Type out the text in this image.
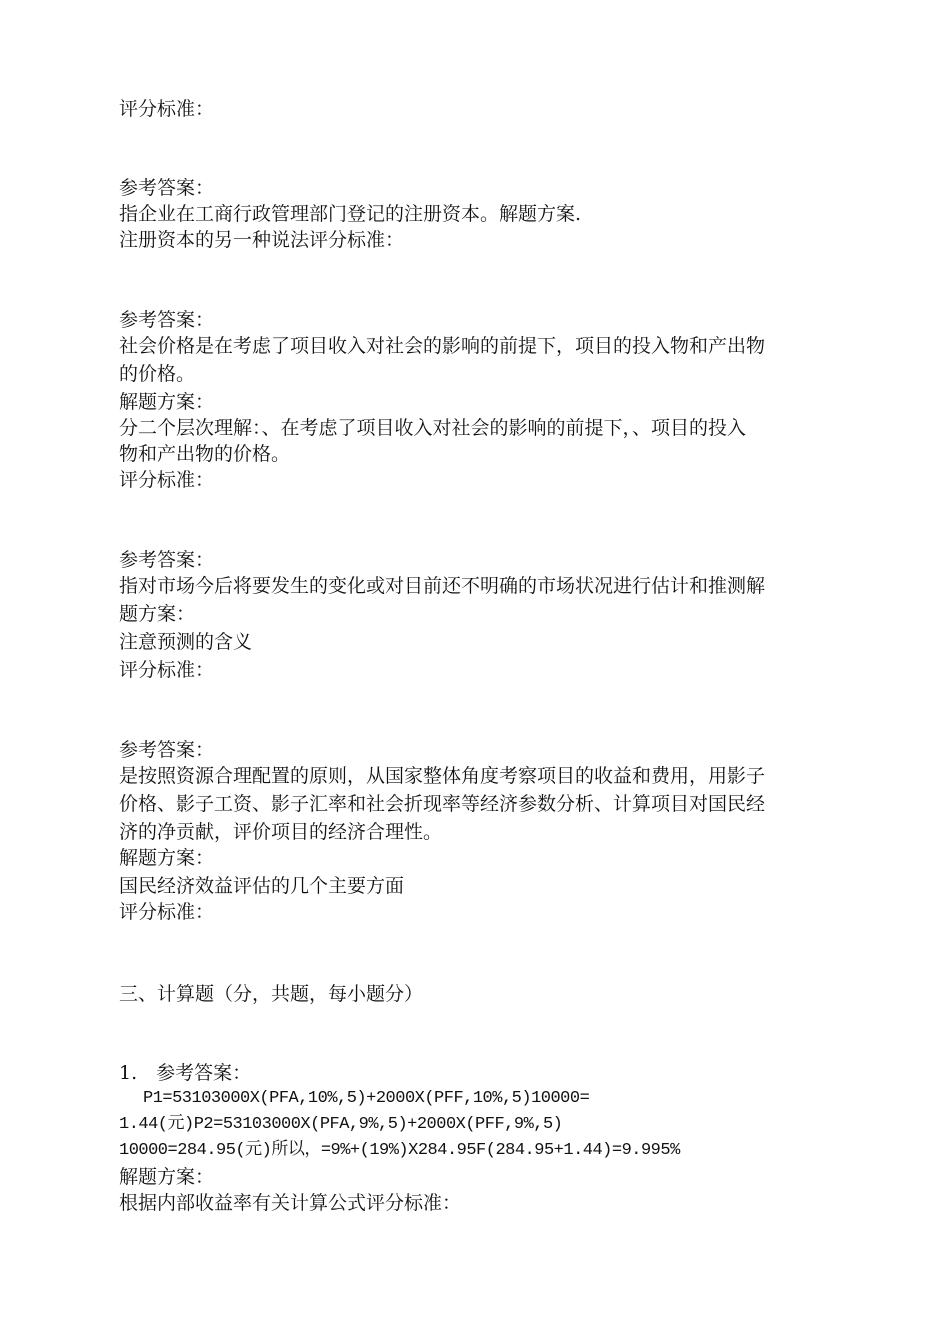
评分标准：

参考答案：

指企业在工商行政管理部门登记的注册资本。解题方案.

注册资本的另一种说法评分标准：

参考答案：

社会价格是在考虑了项目收入对社会的影响的前提下，项目的投入物和产出物

的价格。

解题方案：

分二个层次理解：、在考虑了项目收入对社会的影响的前提下，、项目的投入

物和产出物的价格。

评分标准：

参考答案：

指对市场今后将要发生的变化或对目前还不明确的市场状况进行估计和推测解

题方案：

注意预测的含义

评分标准：

参考答案：

是按照资源合理配置的原则，从国家整体角度考察项目的收益和费用，用影子

价格、影子工资、影子汇率和社会折现率等经济参数分析、计算项目对国民经

济的净贡献，评价项目的经济合理性。

解题方案：

国民经济效益评估的几个主要方面

评分标准：

三、计算题（分，共题，每小题分）

1.　参考答案：

P1=53103000X(PFA,10%,5)+2000X(PFF,10%,5)10000=

1.44(元)P2=53103000X(PFA,9%,5)+2000X(PFF,9%,5)

10000=284.95(元)所以，=9%+(19%)X284.95F(284.95+1.44)=9.995%

解题方案：

根据内部收益率有关计算公式评分标准：
